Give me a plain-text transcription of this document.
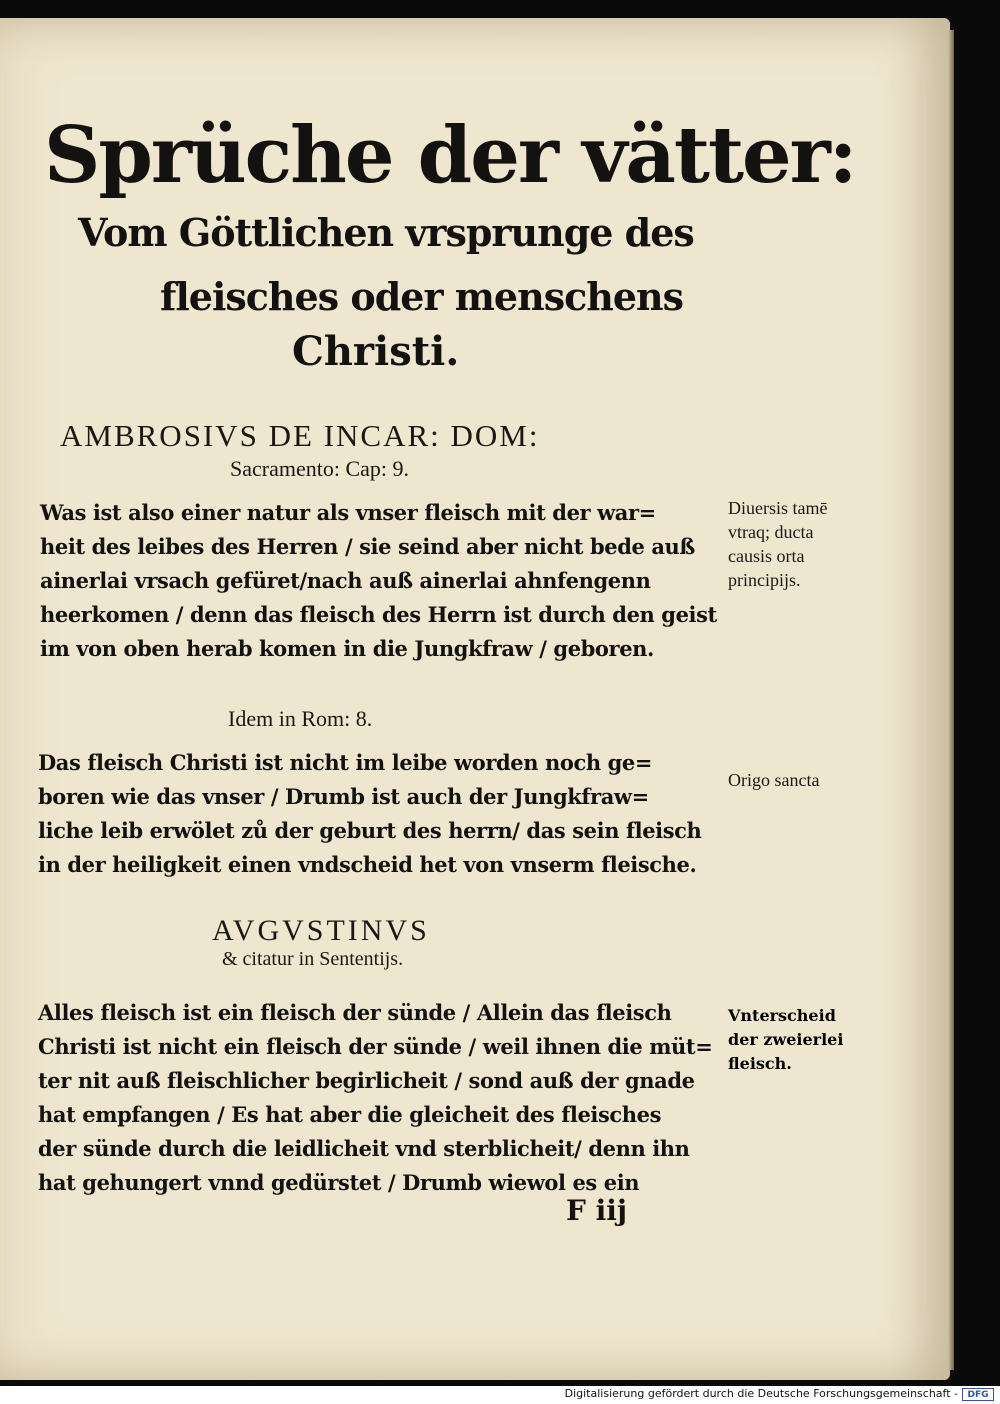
Sprüche der vätter:
Vom Göttlichen vrsprunge des
fleisches oder menschens
Christi.
AMBROSIVS DE INCAR: DOM:
Sacramento: Cap: 9.
Was ist also einer natur als vnser fleisch mit der war=
heit des leibes des Herren / sie seind aber nicht bede auß
ainerlai vrsach gefüret/nach auß ainerlai ahnfengenn
heerkomen / denn das fleisch des Herrn ist durch den geist
im von oben herab komen in die Jungkfraw / geboren.
Diuersis tamē
vtraq; ducta
causis orta
principijs.
Idem in Rom: 8.
Das fleisch Christi ist nicht im leibe worden noch ge=
boren wie das vnser / Drumb ist auch der Jungkfraw=
liche leib erwölet zů der geburt des herrn/ das sein fleisch
in der heiligkeit einen vndscheid het von vnserm fleische.
Origo sancta
AVGVSTINVS
& citatur in Sententijs.
Alles fleisch ist ein fleisch der sünde / Allein das fleisch
Christi ist nicht ein fleisch der sünde / weil ihnen die müt=
ter nit auß fleischlicher begirlicheit / sond auß der gnade
hat empfangen / Es hat aber die gleicheit des fleisches
der sünde durch die leidlicheit vnd sterblicheit/ denn ihn
hat gehungert vnnd gedürstet / Drumb wiewol es ein
Vnterscheid
der zweierlei
fleisch.
F iij
Digitalisierung gefördert durch die Deutsche Forschungsgemeinschaft -	DFG
